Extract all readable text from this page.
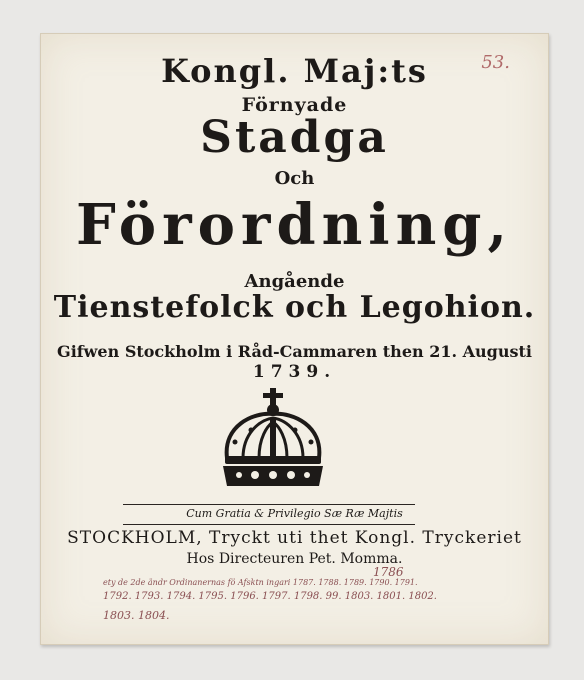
53.
Kongl. Maj:ts
Förnyade
Stadga
Och
Förordning,
Angående
Tienstefolck och Legohion.
Gifwen Stockholm i Råd-Cammaren then 21. Augusti
1739.
Cum Gratia & Privilegio Sæ Ræ Majtis
STOCKHOLM, Tryckt uti thet Kongl. Tryckeriet
Hos Directeuren Pet. Momma.
1786
ety de 2de ändr Ordinanernas fö Afsktn ingari 1787. 1788. 1789. 1790. 1791.
1792. 1793. 1794. 1795. 1796. 1797. 1798. 99. 1803. 1801. 1802.
1803. 1804.
